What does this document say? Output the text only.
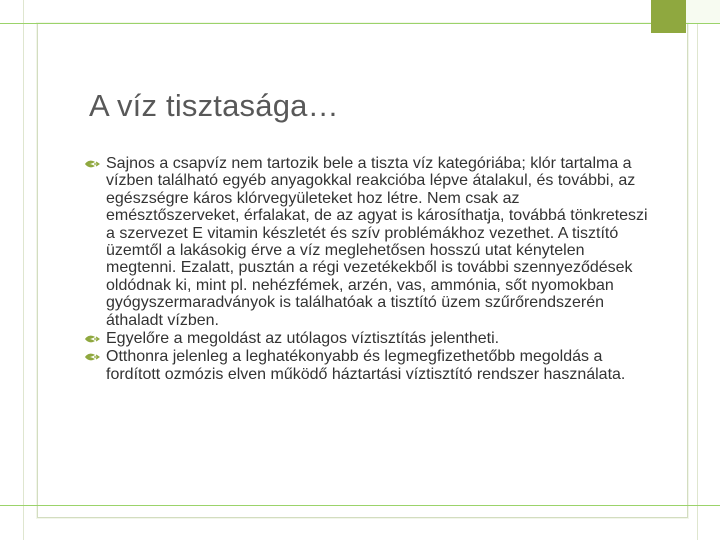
A víz tisztasága…
Sajnos a csapvíz nem tartozik bele a tiszta víz kategóriába; klór tartalma a vízben található egyéb anyagokkal reakcióba lépve átalakul, és további, az egészségre káros klórvegyületeket hoz létre. Nem csak az emésztőszerveket, érfalakat, de az agyat is károsíthatja, továbbá tönkreteszi a szervezet E vitamin készletét és szív problémákhoz vezethet. A tisztító üzemtől a lakásokig érve a víz meglehetősen hosszú utat kénytelen megtenni. Ezalatt, pusztán a régi vezetékekből is további szennyeződések oldódnak ki, mint pl. nehézfémek, arzén, vas, ammónia, sőt nyomokban gyógyszermaradványok is találhatóak a tisztító üzem szűrőrendszerén áthaladt vízben.
Egyelőre a megoldást az utólagos víztisztítás jelentheti.
Otthonra jelenleg a leghatékonyabb és legmegfizethetőbb megoldás a fordított ozmózis elven működő háztartási víztisztító rendszer használata.
